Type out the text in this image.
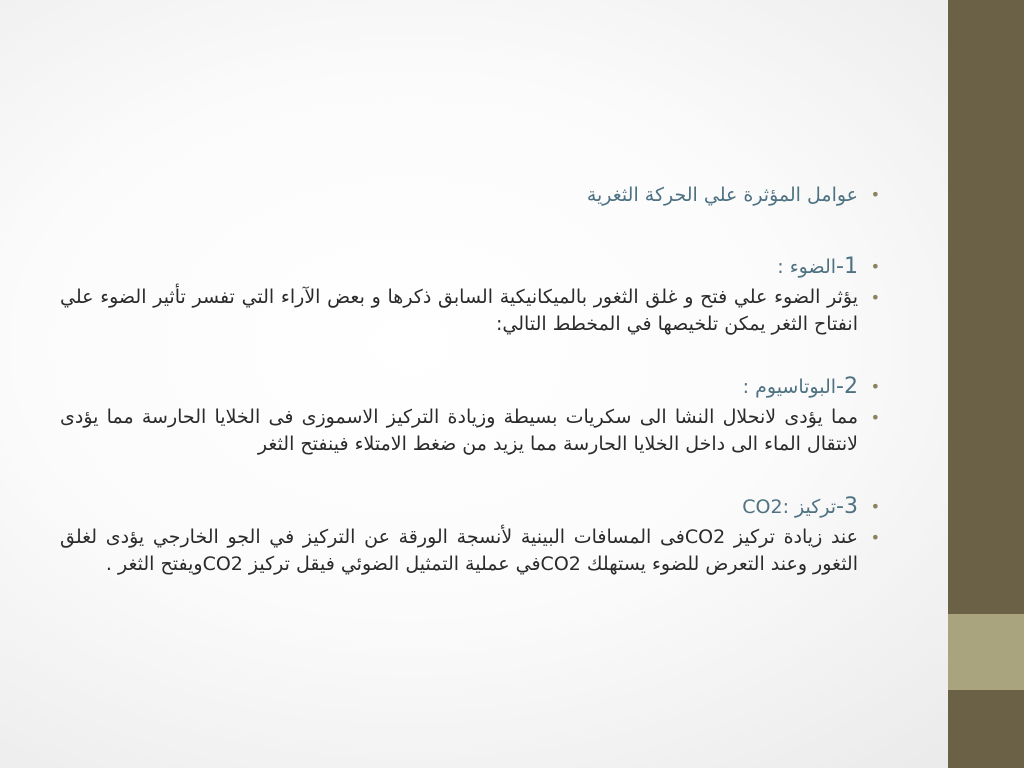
عوامل المؤثرة علي الحركة الثغرية •
1-الضوء : •
يؤثر الضوء علي فتح و غلق الثغور بالميكانيكية السابق ذكرها و بعض الآراء التي تفسر تأثير الضوء علي انفتاح الثغر يمكن تلخيصها في المخطط التالي: •
2-البوتاسيوم : •
مما يؤدى لانحلال النشا الى سكريات بسيطة وزيادة التركيز الاسموزى فى الخلايا الحارسة مما يؤدى لانتقال الماء الى داخل الخلايا الحارسة مما يزيد من ضغط الامتلاء فينفتح الثغر •
3-تركيز :CO2 •
عند زيادة تركيز CO2فى المسافات البينية لأنسجة الورقة عن التركيز في الجو الخارجي يؤدى لغلق الثغور وعند التعرض للضوء يستهلك CO2في عملية التمثيل الضوئي فيقل تركيز CO2ويفتح الثغر . •
